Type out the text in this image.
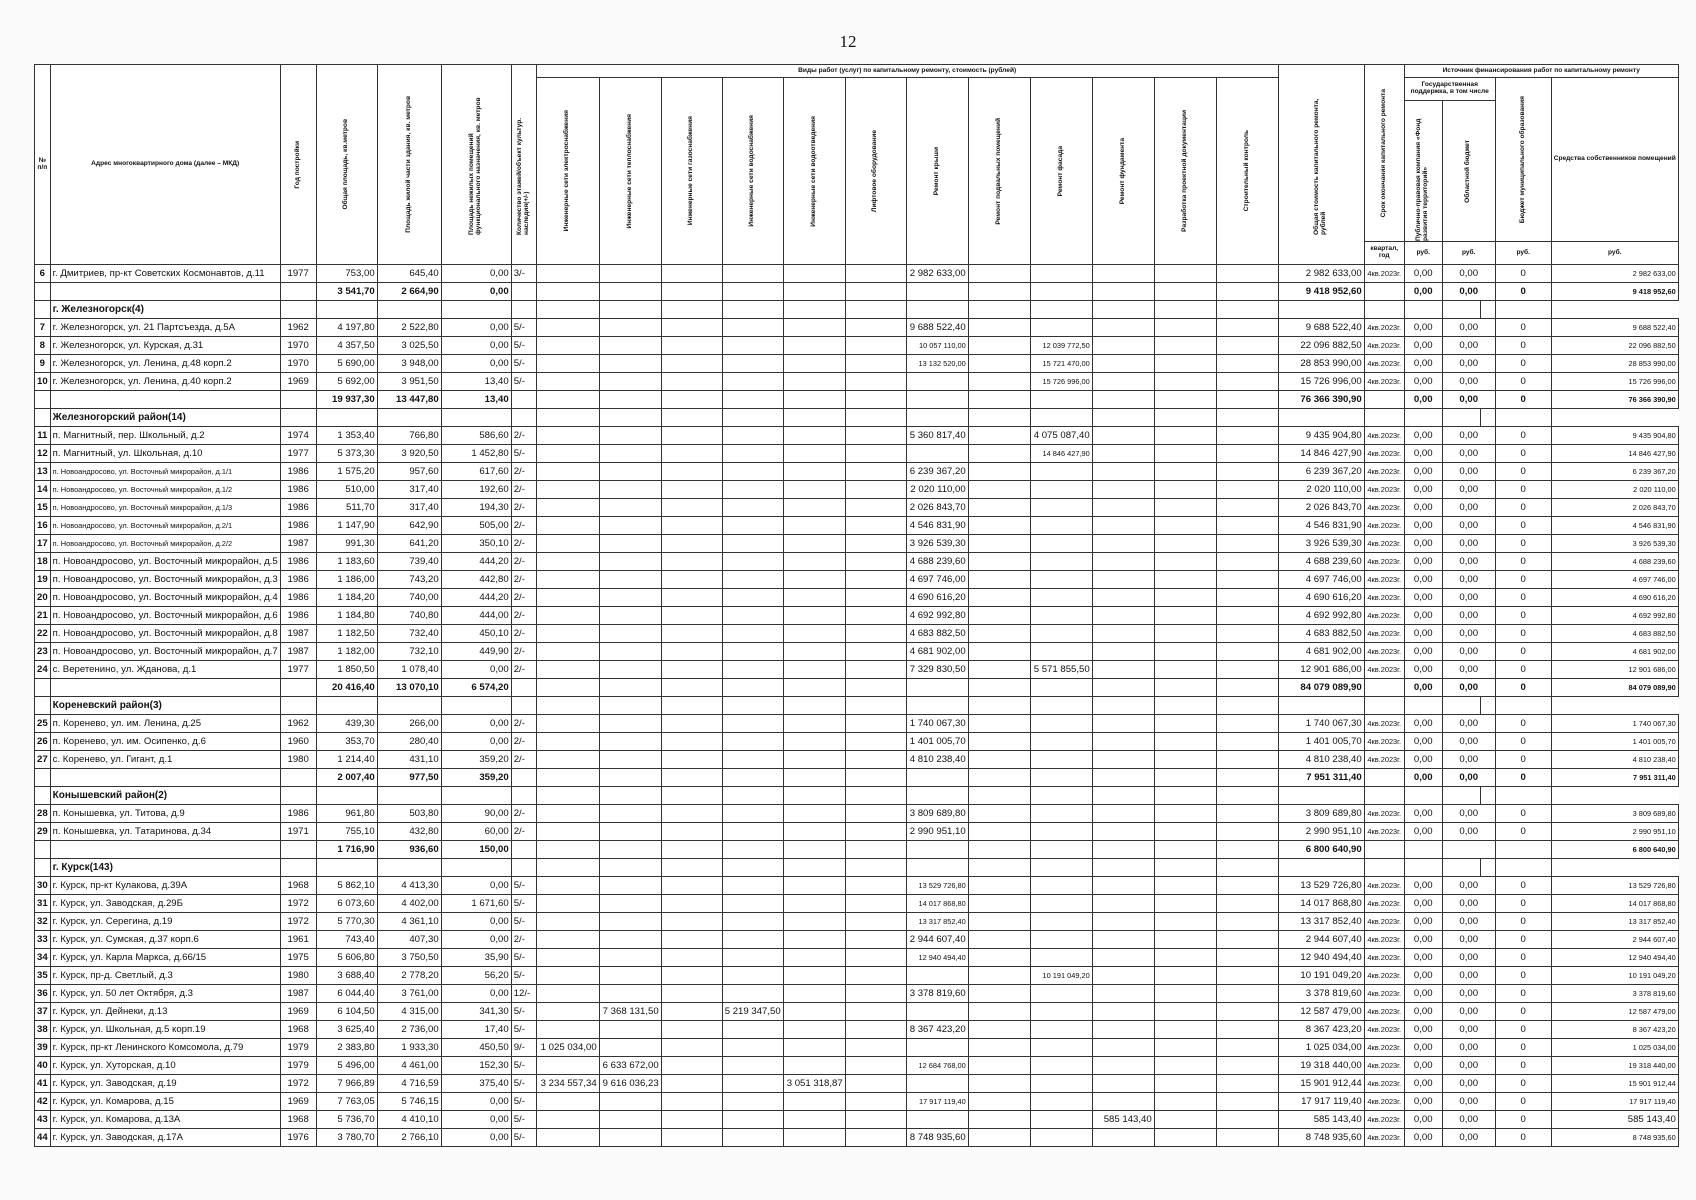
12
№ п/п	Адрес многоквартирного дома (далее – МКД)	Год постройки	Общая площадь, кв.метров	Площадь жилой части здания, кв. метров	Площадь нежилых помещений функционального назначения, кв. метров	Количество этажей/объект культур. наследия(+/-)	Виды работ (услуг) по капитальному ремонту, стоимость (рублей)												Общая стоимость капитального ремонта, рублей	Срок окончания капитального ремонта	Источник финансирования работ по капитальному ремонту				

							Инженерные сети электроснабжения	Инженерные сети теплоснабжения	Инженерные сети газоснабжения	Инженерные сети водоснабжения	Инженерные сети водоотведения	Лифтовое оборудование	Ремонт крыши	Ремонт подвальных помещений	Ремонт фасада	Ремонт фундамента	Разработка проектной документации	Строительный контроль			Государственная поддержка, в том числе			Бюджет муниципального образования	Средства собственников помещений

																					Публично-правовая компания «Фонд развития территорий»	Областной бюджет			

																				квартал, год	руб.	руб.		руб.	руб.
6	г. Дмитриев, пр-кт Советских Космонавтов, д.11	1977	753,00	645,40	0,00	3/-							2 982 633,00						2 982 633,00	4кв.2023г.	0,00	0,00		0	2 982 633,00
			3 541,70	2 664,90	0,00														9 418 952,60		0,00	0,00		0	9 418 952,60
	г. Железногорск(4)																								
7	г. Железногорск, ул. 21 Партсъезда, д.5А	1962	4 197,80	2 522,80	0,00	5/-							9 688 522,40						9 688 522,40	4кв.2023г.	0,00	0,00		0	9 688 522,40
8	г. Железногорск, ул. Курская, д.31	1970	4 357,50	3 025,50	0,00	5/-							10 057 110,00		12 039 772,50				22 096 882,50	4кв.2023г.	0,00	0,00		0	22 096 882,50
9	г. Железногорск, ул. Ленина, д.48 корп.2	1970	5 690,00	3 948,00	0,00	5/-							13 132 520,00		15 721 470,00				28 853 990,00	4кв.2023г.	0,00	0,00		0	28 853 990,00
10	г. Железногорск, ул. Ленина, д.40 корп.2	1969	5 692,00	3 951,50	13,40	5/-									15 726 996,00				15 726 996,00	4кв.2023г.	0,00	0,00		0	15 726 996,00
			19 937,30	13 447,80	13,40														76 366 390,90		0,00	0,00		0	76 366 390,90
	Железногорский район(14)																								
11	п. Магнитный, пер. Школьный, д.2	1974	1 353,40	766,80	586,60	2/-							5 360 817,40		4 075 087,40				9 435 904,80	4кв.2023г.	0,00	0,00		0	9 435 904,80
12	п. Магнитный, ул. Школьная, д.10	1977	5 373,30	3 920,50	1 452,80	5/-									14 846 427,90				14 846 427,90	4кв.2023г.	0,00	0,00		0	14 846 427,90
13	п. Новоандросово, ул. Восточный микрорайон, д.1/1	1986	1 575,20	957,60	617,60	2/-							6 239 367,20						6 239 367,20	4кв.2023г.	0,00	0,00		0	6 239 367,20
14	п. Новоандросово, ул. Восточный микрорайон, д.1/2	1986	510,00	317,40	192,60	2/-							2 020 110,00						2 020 110,00	4кв.2023г.	0,00	0,00		0	2 020 110,00
15	п. Новоандросово, ул. Восточный микрорайон, д.1/3	1986	511,70	317,40	194,30	2/-							2 026 843,70						2 026 843,70	4кв.2023г.	0,00	0,00		0	2 026 843,70
16	п. Новоандросово, ул. Восточный микрорайон, д.2/1	1986	1 147,90	642,90	505,00	2/-							4 546 831,90						4 546 831,90	4кв.2023г.	0,00	0,00		0	4 546 831,90
17	п. Новоандросово, ул. Восточный микрорайон, д.2/2	1987	991,30	641,20	350,10	2/-							3 926 539,30						3 926 539,30	4кв.2023г.	0,00	0,00		0	3 926 539,30
18	п. Новоандросово, ул. Восточный микрорайон, д.5	1986	1 183,60	739,40	444,20	2/-							4 688 239,60						4 688 239,60	4кв.2023г.	0,00	0,00		0	4 688 239,60
19	п. Новоандросово, ул. Восточный микрорайон, д.3	1986	1 186,00	743,20	442,80	2/-							4 697 746,00						4 697 746,00	4кв.2023г.	0,00	0,00		0	4 697 746,00
20	п. Новоандросово, ул. Восточный микрорайон, д.4	1986	1 184,20	740,00	444,20	2/-							4 690 616,20						4 690 616,20	4кв.2023г.	0,00	0,00		0	4 690 616,20
21	п. Новоандросово, ул. Восточный микрорайон, д.6	1986	1 184,80	740,80	444,00	2/-							4 692 992,80						4 692 992,80	4кв.2023г.	0,00	0,00		0	4 692 992,80
22	п. Новоандросово, ул. Восточный микрорайон, д.8	1987	1 182,50	732,40	450,10	2/-							4 683 882,50						4 683 882,50	4кв.2023г.	0,00	0,00		0	4 683 882,50
23	п. Новоандросово, ул. Восточный микрорайон, д.7	1987	1 182,00	732,10	449,90	2/-							4 681 902,00						4 681 902,00	4кв.2023г.	0,00	0,00		0	4 681 902,00
24	с. Веретенино, ул. Жданова, д.1	1977	1 850,50	1 078,40	0,00	2/-							7 329 830,50		5 571 855,50				12 901 686,00	4кв.2023г.	0,00	0,00		0	12 901 686,00
			20 416,40	13 070,10	6 574,20														84 079 089,90		0,00	0,00		0	84 079 089,90
	Кореневский район(3)																								
25	п. Коренево, ул. им. Ленина, д.25	1962	439,30	266,00	0,00	2/-							1 740 067,30						1 740 067,30	4кв.2023г.	0,00	0,00		0	1 740 067,30
26	п. Коренево, ул. им. Осипенко, д.6	1960	353,70	280,40	0,00	2/-							1 401 005,70						1 401 005,70	4кв.2023г.	0,00	0,00		0	1 401 005,70
27	с. Коренево, ул. Гигант, д.1	1980	1 214,40	431,10	359,20	2/-							4 810 238,40						4 810 238,40	4кв.2023г.	0,00	0,00		0	4 810 238,40
			2 007,40	977,50	359,20														7 951 311,40		0,00	0,00		0	7 951 311,40
	Конышевский район(2)																								
28	п. Конышевка, ул. Титова, д.9	1986	961,80	503,80	90,00	2/-							3 809 689,80						3 809 689,80	4кв.2023г.	0,00	0,00		0	3 809 689,80
29	п. Конышевка, ул. Татаринова, д.34	1971	755,10	432,80	60,00	2/-							2 990 951,10						2 990 951,10	4кв.2023г.	0,00	0,00		0	2 990 951,10
			1 716,90	936,60	150,00														6 800 640,90						6 800 640,90
	г. Курск(143)																								
30	г. Курск, пр-кт Кулакова, д.39А	1968	5 862,10	4 413,30	0,00	5/-							13 529 726,80						13 529 726,80	4кв.2023г.	0,00	0,00		0	13 529 726,80
31	г. Курск, ул. Заводская, д.29Б	1972	6 073,60	4 402,00	1 671,60	5/-							14 017 868,80						14 017 868,80	4кв.2023г.	0,00	0,00		0	14 017 868,80
32	г. Курск, ул. Серегина, д.19	1972	5 770,30	4 361,10	0,00	5/-							13 317 852,40						13 317 852,40	4кв.2023г.	0,00	0,00		0	13 317 852,40
33	г. Курск, ул. Сумская, д.37 корп.6	1961	743,40	407,30	0,00	2/-							2 944 607,40						2 944 607,40	4кв.2023г.	0,00	0,00		0	2 944 607,40
34	г. Курск, ул. Карла Маркса, д.66/15	1975	5 606,80	3 750,50	35,90	5/-							12 940 494,40						12 940 494,40	4кв.2023г.	0,00	0,00		0	12 940 494,40
35	г. Курск, пр-д. Светлый, д.3	1980	3 688,40	2 778,20	56,20	5/-									10 191 049,20				10 191 049,20	4кв.2023г.	0,00	0,00		0	10 191 049,20
36	г. Курск, ул. 50 лет Октября, д.3	1987	6 044,40	3 761,00	0,00	12/-							3 378 819,60						3 378 819,60	4кв.2023г.	0,00	0,00		0	3 378 819,60
37	г. Курск, ул. Дейнеки, д.13	1969	6 104,50	4 315,00	341,30	5/-		7 368 131,50		5 219 347,50									12 587 479,00	4кв.2023г.	0,00	0,00		0	12 587 479,00
38	г. Курск, ул. Школьная, д.5 корп.19	1968	3 625,40	2 736,00	17,40	5/-							8 367 423,20						8 367 423,20	4кв.2023г.	0,00	0,00		0	8 367 423,20
39	г. Курск, пр-кт Ленинского Комсомола, д.79	1979	2 383,80	1 933,30	450,50	9/-	1 025 034,00												1 025 034,00	4кв.2023г.	0,00	0,00		0	1 025 034,00
40	г. Курск, ул. Хуторская, д.10	1979	5 496,00	4 461,00	152,30	5/-		6 633 672,00					12 684 768,00						19 318 440,00	4кв.2023г.	0,00	0,00		0	19 318 440,00
41	г. Курск, ул. Заводская, д.19	1972	7 966,89	4 716,59	375,40	5/-	3 234 557,34	9 616 036,23			3 051 318,87								15 901 912,44	4кв.2023г.	0,00	0,00		0	15 901 912,44
42	г. Курск, ул. Комарова, д.15	1969	7 763,05	5 746,15	0,00	5/-							17 917 119,40						17 917 119,40	4кв.2023г.	0,00	0,00		0	17 917 119,40
43	г. Курск, ул. Комарова, д.13А	1968	5 736,70	4 410,10	0,00	5/-										585 143,40			585 143,40	4кв.2023г.	0,00	0,00		0	585 143,40
44	г. Курск, ул. Заводская, д.17А	1976	3 780,70	2 766,10	0,00	5/-							8 748 935,60						8 748 935,60	4кв.2023г.	0,00	0,00		0	8 748 935,60
